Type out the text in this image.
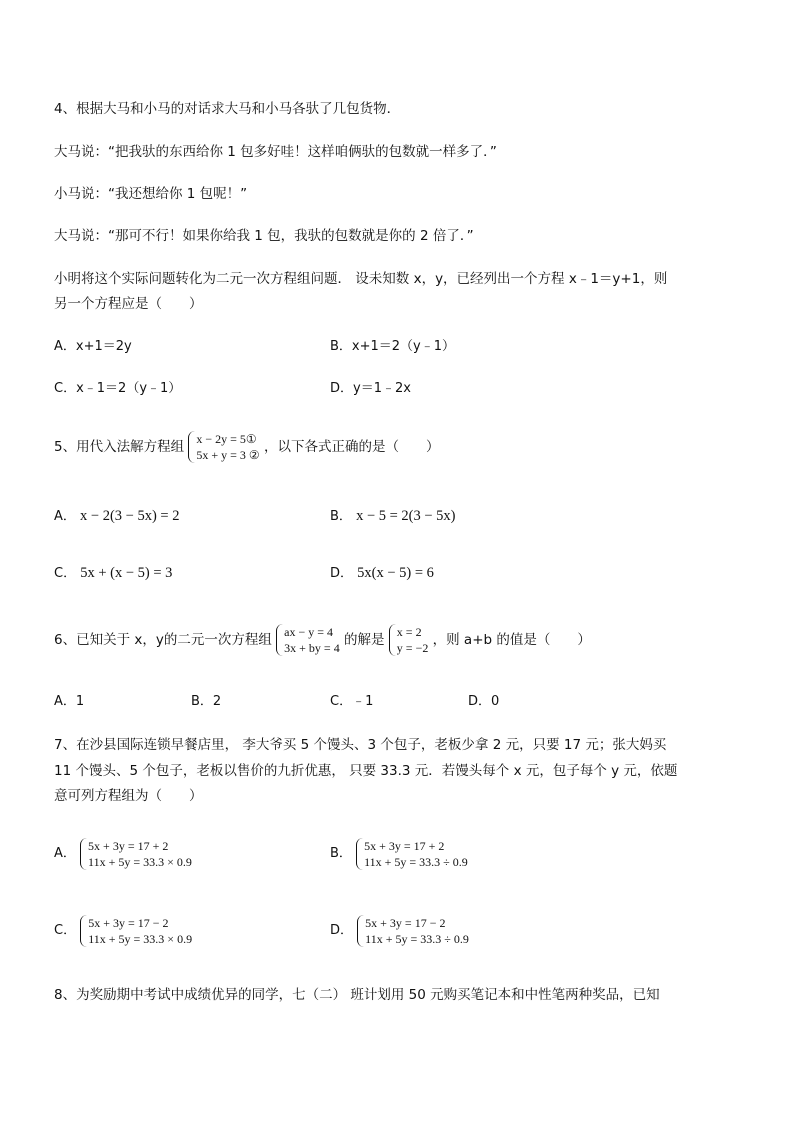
4、根据大马和小马的对话求大马和小马各驮了几包货物．
大马说：“把我驮的东西给你 1 包多好哇！这样咱俩驮的包数就一样多了．”
小马说：“我还想给你 1 包呢！”
大马说：“那可不行！如果你给我 1 包，我驮的包数就是你的 2 倍了．”
小明将这个实际问题转化为二元一次方程组问题． 设未知数 x，y，已经列出一个方程 x﹣1＝y+1，则
另一个方程应是（　　）
A．x+1＝2y	B．x+1＝2（y﹣1）
C．x﹣1＝2（y﹣1）	D．y＝1﹣2x
5、用代入法解方程组 x − 2y = 5①
5x + y = 3 ② ，以下各式正确的是（　　）
A． x − 2(3 − 5x) = 2	B． x − 5 = 2(3 − 5x)
C． 5x + (x − 5) = 3	D． 5x(x − 5) = 6
6、已知关于 x，y的二元一次方程组 ax − y = 4
3x + by = 4 的解是 x = 2
y = −2 ，则 a+b 的值是（　　）
A．1	B．2	C．﹣1	D．0
7、在沙县国际连锁早餐店里， 李大爷买 5 个馒头、3 个包子，老板少拿 2 元，只要 17 元；张大妈买
11 个馒头、5 个包子，老板以售价的九折优惠， 只要 33.3 元．若馒头每个 x 元，包子每个 y 元，依题
意可列方程组为（　　）
A．
5x + 3y = 17 + 2
11x + 5y = 33.3 × 0.9
B．
5x + 3y = 17 + 2
11x + 5y = 33.3 ÷ 0.9
C．
5x + 3y = 17 − 2
11x + 5y = 33.3 × 0.9
D．
5x + 3y = 17 − 2
11x + 5y = 33.3 ÷ 0.9
8、为奖励期中考试中成绩优异的同学，七（二） 班计划用 50 元购买笔记本和中性笔两种奖品，已知
